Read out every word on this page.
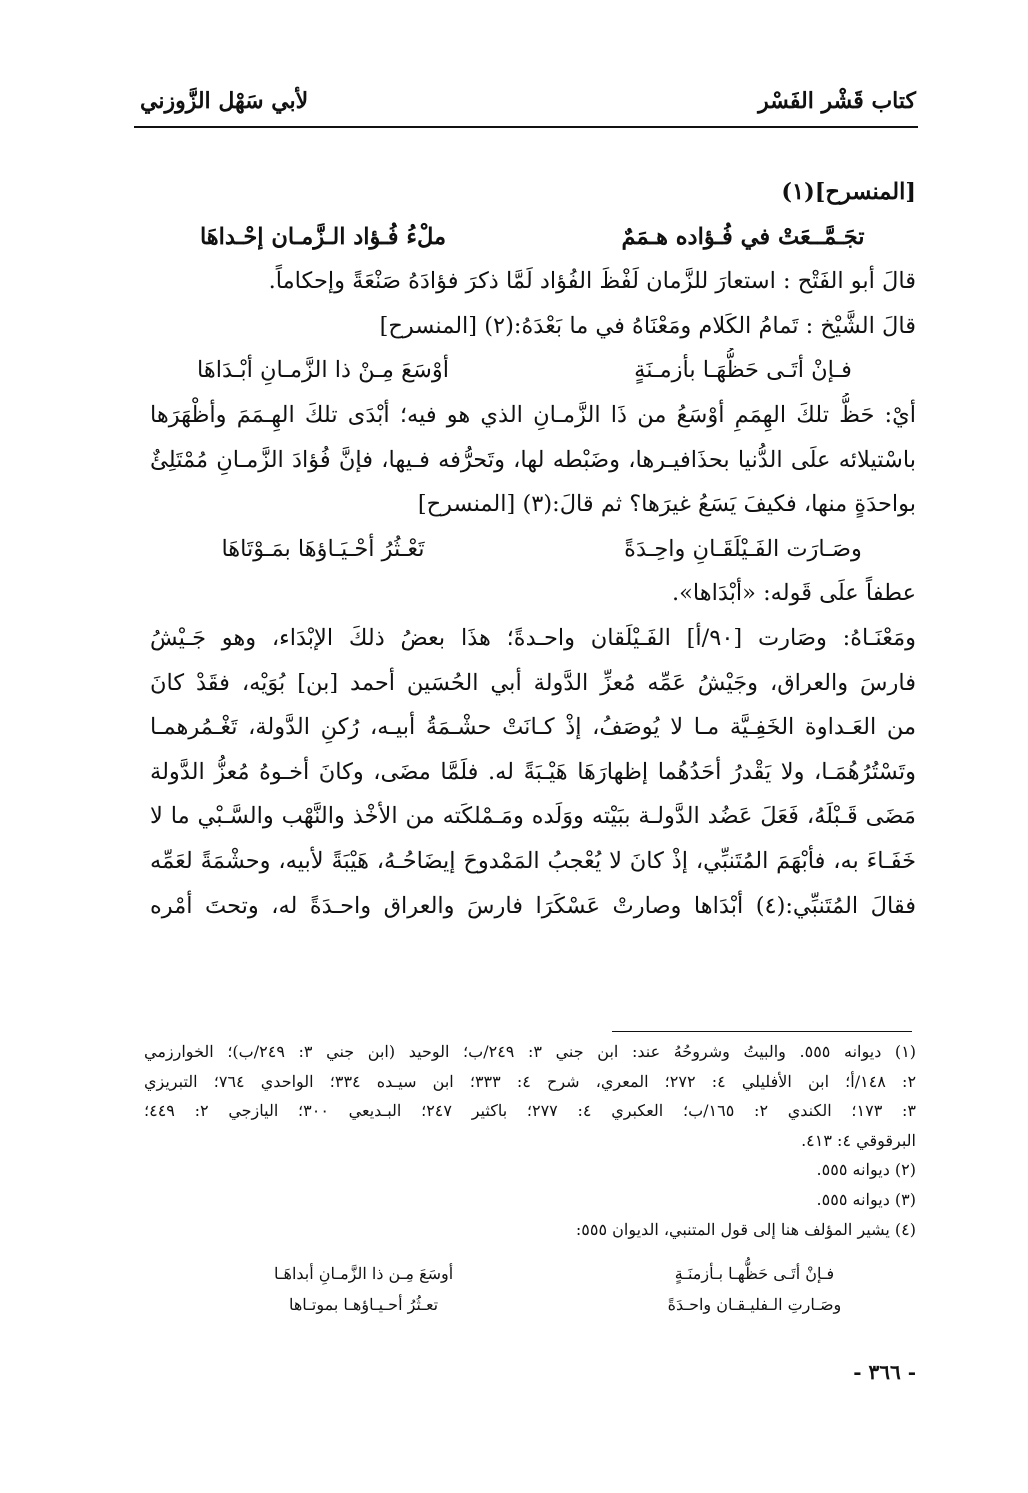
كتاب قَشْر الفَسْر
لأبي سَهْل الزَّوزني
[المنسرح](١)
تجَـمَّــعَتْ في فُـؤاده هـمَمٌ
ملْءُ فُـؤاد الـزَّمـان إحْـداهَا
قالَ أبو الفَتْح : استعارَ للزَّمان لَفْظَ الفُؤاد لَمَّا ذكرَ فؤادَهُ صَنْعَةً وإحكاماً.
قالَ الشَّيْخ : تَمامُ الكَلام ومَعْنَاهُ في ما بَعْدَهُ:(٢) [المنسرح]
فـإنْ أتَـى حَظُّهَـا بأزمـنَةٍ
أوْسَعَ مِـنْ ذا الزَّمـانِ أبْـدَاهَا
أيْ: حَظُّ تلكَ الهِمَمِ أوْسَعُ من ذَا الزَّمـانِ الذي هو فيه؛ أبْدَى تلكَ الهِـمَمَ وأظْهَرَها
باسْتيلائه علَى الدُّنيا بحذَافيـرها، وضَبْطه لها، وتَحرُّفه فـيها، فإنَّ فُؤادَ الزَّمـانِ مُمْتَلِئٌ
بواحدَةٍ منها، فكيفَ يَسَعُ غيرَها؟ ثم قالَ:(٣) [المنسرح]
وصَـارَت الفَـيْلَقَـانِ واحِـدَةً
تَعْـثُرُ أحْـيَـاؤهَا بمَـوْتَاهَا
عطفاً علَى قَوله: «أبْدَاها».
ومَعْنَـاهُ: وصَارت [٩٠/أ] الفَـيْلَقان واحـدةً؛ هذَا بعضُ ذلكَ الإبْدَاء، وهو جَـيْشُ
فارسَ والعراق، وجَيْشُ عَمِّه مُعزِّ الدَّولة أبي الحُسَين أحمد [بن] بُوَيْه، فقَدْ كانَ
من العَـداوة الخَفِـيَّة مـا لا يُوصَفُ، إذْ كـانَتْ حشْـمَةُ أبيـه، رُكنِ الدَّولة، تَغْـمُرهمـا
وتَسْتُرُهُمَـا، ولا يَقْدرُ أحَدُهُما إظهارَهَا هَيْـبَةً له. فلَمَّا مضَى، وكانَ أخـوهُ مُعزُّ الدَّولة
مَضَى قَـبْلَهُ، فَعَلَ عَضُد الدَّولـة ببَيْته ووَلَده ومَـمْلكَته من الأخْذ والنَّهْب والسَّـبْي ما لا
خَفَـاءَ به، فأبْهَمَ المُتَنبِّي، إذْ كانَ لا يُعْجبُ المَمْدوحَ إيضَاحُـهُ، هَيْبَةً لأبيه، وحشْمَةً لعَمِّه
فقالَ المُتَنبِّي:(٤) أبْدَاها وصارتْ عَسْكَرَا فارسَ والعراق واحـدَةً له، وتحتَ أمْره
(١) ديوانه ٥٥٥. والبيتُ وشروحُهُ عند: ابن جني ٣: ٢٤٩/ب؛ الوحيد (ابن جني ٣: ٢٤٩/ب)؛ الخوارزمي
٢: ١٤٨/أ؛ ابن الأفليلي ٤: ٢٧٢؛ المعري، شرح ٤: ٣٣٣؛ ابن سيـده ٣٣٤؛ الواحدي ٧٦٤؛ التبريزي
٣: ١٧٣؛ الكندي ٢: ١٦٥/ب؛ العكبري ٤: ٢٧٧؛ باكثير ٢٤٧؛ البـديعي ٣٠٠؛ اليازجي ٢: ٤٤٩؛
البرقوقي ٤: ٤١٣.
(٢) ديوانه ٥٥٥.
(٣) ديوانه ٥٥٥.
(٤) يشير المؤلف هنا إلى قول المتنبي، الديوان ٥٥٥:
فـإنْ أتَـى حَظُّهـا بـأزمنَـةٍ
أوسَعَ مِـن ذا الزَّمـانِ أبداهَـا
وصَـارتِ الـفليـقـان واحـدَةً
تعـثُرُ أحـيـاؤهـا بموتـاها
- ٣٦٦ -
